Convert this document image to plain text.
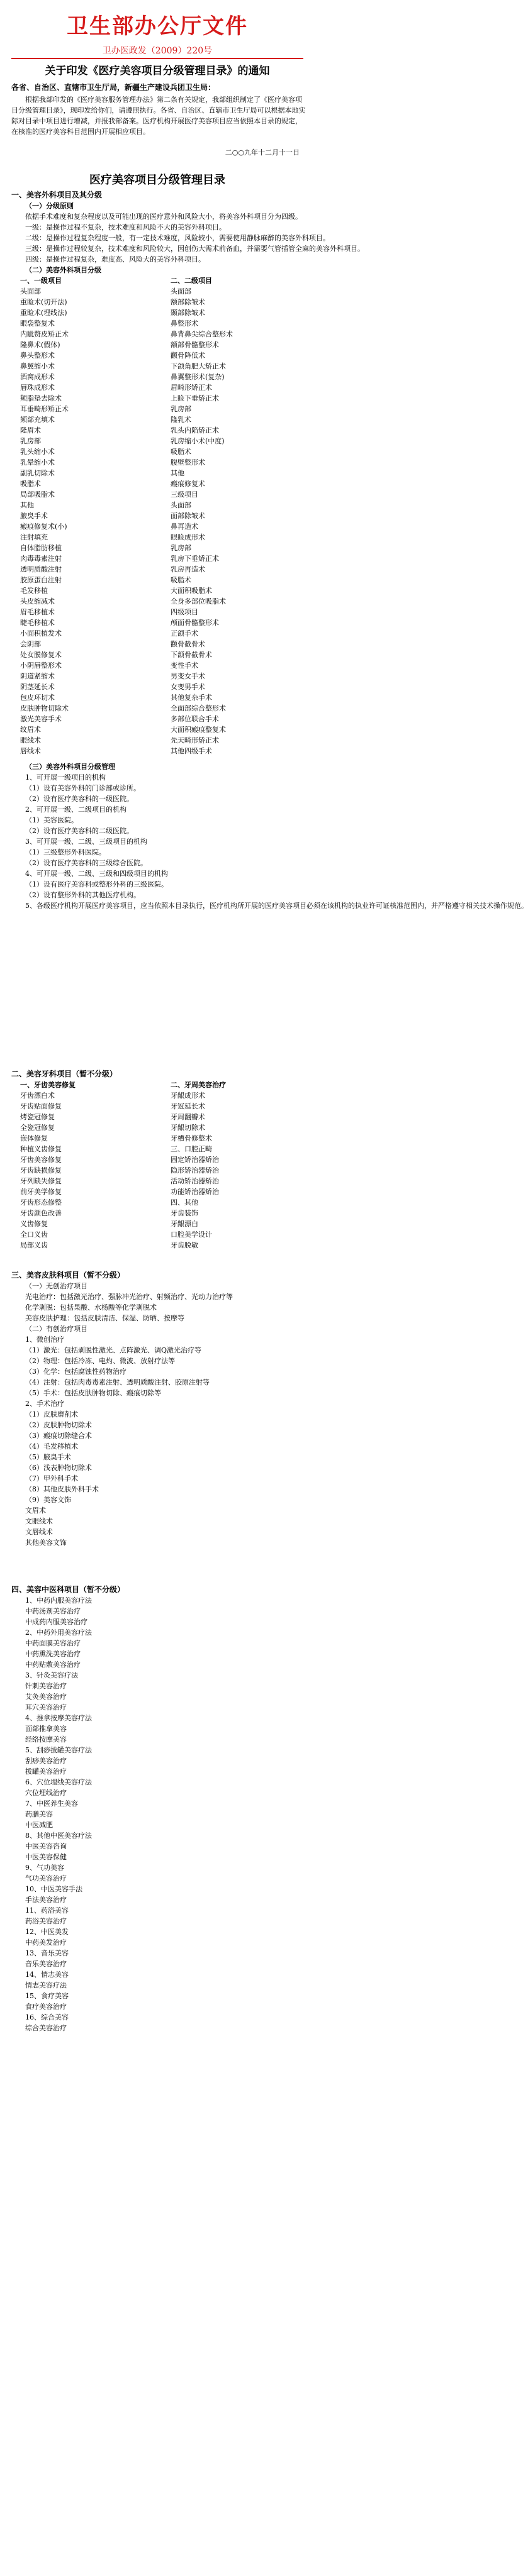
卫生部办公厅文件
卫办医政发（2009）220号
关于印发《医疗美容项目分级管理目录》的通知
各省、自治区、直辖市卫生厅局，新疆生产建设兵团卫生局：
根据我部印发的《医疗美容服务管理办法》第二条有关规定，我部组织制定了《医疗美容项目分级管理目录》，现印发给你们，请遵照执行。各省、自治区、直辖市卫生厅局可以根据本地实际对目录中项目进行增减，并报我部备案。医疗机构开展医疗美容项目应当依照本目录的规定，在核准的医疗美容科目范围内开展相应项目。
二○○九年十二月十一日
医疗美容项目分级管理目录

一、美容外科项目及其分级

（一）分级原则

依据手术难度和复杂程度以及可能出现的医疗意外和风险大小，将美容外科项目分为四级。

一级：是操作过程不复杂，技术难度和风险不大的美容外科项目。

二级：是操作过程复杂程度一般，有一定技术难度，风险较小，需要使用静脉麻醉的美容外科项目。

三级：是操作过程较复杂，技术难度和风险较大，因创伤大需术前备血，并需要气管插管全麻的美容外科项目。

四级：是操作过程复杂，难度高、风险大的美容外科项目。

（二）美容外科项目分级

一、一级项目	二、二级项目
头面部	头面部
重睑术(切开法)	额部除皱术
重睑术(埋线法)	颞部除皱术
眼袋整复术	鼻整形术
内眦赘皮矫正术	鼻背鼻尖综合整形术
隆鼻术(假体)	额部骨骼整形术
鼻头整形术	颧骨降低术
鼻翼缩小术	下颌角肥大矫正术
酒窝成形术	鼻翼整形术(复杂)
唇珠成形术	眉畸形矫正术
颊脂垫去除术	上睑下垂矫正术
耳垂畸形矫正术	乳房部
颏部充填术	隆乳术
隆眉术	乳头内陷矫正术
乳房部	乳房缩小术(中度)
乳头缩小术	吸脂术
乳晕缩小术	腹壁整形术
副乳切除术	其他
吸脂术	瘢痕修复术
局部吸脂术	三级项目
其他	头面部
腋臭手术	面部除皱术
瘢痕修复术(小)	鼻再造术
注射填充	眼睑成形术
自体脂肪移植	乳房部
肉毒毒素注射	乳房下垂矫正术
透明质酸注射	乳房再造术
胶原蛋白注射	吸脂术
毛发移植	大面积吸脂术
头皮缩减术	全身多部位吸脂术
眉毛移植术	四级项目
睫毛移植术	颅面骨骼整形术
小面积植发术	正颌手术
会阴部	颧骨截骨术
处女膜修复术	下颌骨截骨术
小阴唇整形术	变性手术
阴道紧缩术	男变女手术
阴茎延长术	女变男手术
包皮环切术	其他复杂手术
皮肤肿物切除术	全面部综合整形术
激光美容手术	多部位联合手术
纹眉术	大面积瘢痕整复术
眼线术	先天畸形矫正术
唇线术	其他四级手术

（三）美容外科项目分级管理

1、可开展一级项目的机构

（1）设有美容外科的门诊部或诊所。

（2）设有医疗美容科的一级医院。

2、可开展一级、二级项目的机构

（1）美容医院。

（2）设有医疗美容科的二级医院。

3、可开展一级、二级、三级项目的机构

（1）三级整形外科医院。

（2）设有医疗美容科的三级综合医院。

4、可开展一级、二级、三级和四级项目的机构

（1）设有医疗美容科或整形外科的三级医院。

（2）设有整形外科的其他医疗机构。

5、各级医疗机构开展医疗美容项目，应当依照本目录执行，医疗机构所开展的医疗美容项目必须在该机构的执业许可证核准范围内，并严格遵守相关技术操作规范。

二、美容牙科项目（暂不分级）

一、牙齿美容修复	二、牙周美容治疗
牙齿漂白术	牙龈成形术
牙齿贴面修复	牙冠延长术
烤瓷冠修复	牙周翻瓣术
全瓷冠修复	牙龈切除术
嵌体修复	牙槽骨修整术
种植义齿修复	三、口腔正畸
牙齿美容修复	固定矫治器矫治
牙齿缺损修复	隐形矫治器矫治
牙列缺失修复	活动矫治器矫治
前牙美学修复	功能矫治器矫治
牙齿形态修整	四、其他
牙齿颜色改善	牙齿装饰
义齿修复	牙龈漂白
全口义齿	口腔美学设计
局部义齿	牙齿脱敏

三、美容皮肤科项目（暂不分级）

（一）无创治疗项目

光电治疗：包括激光治疗、强脉冲光治疗、射频治疗、光动力治疗等

化学剥脱：包括果酸、水杨酸等化学剥脱术

美容皮肤护理：包括皮肤清洁、保湿、防晒、按摩等

（二）有创治疗项目

1、微创治疗

（1）激光：包括剥脱性激光、点阵激光、调Q激光治疗等

（2）物理：包括冷冻、电灼、微波、放射疗法等

（3）化学：包括腐蚀性药物治疗

（4）注射：包括肉毒毒素注射、透明质酸注射、胶原注射等

（5）手术：包括皮肤肿物切除、瘢痕切除等

2、手术治疗

（1）皮肤磨削术

（2）皮肤肿物切除术

（3）瘢痕切除缝合术

（4）毛发移植术

（5）腋臭手术

（6）浅表肿物切除术

（7）甲外科手术

（8）其他皮肤外科手术

（9）美容文饰

文眉术

文眼线术

文唇线术

其他美容文饰

四、美容中医科项目（暂不分级）

1、中药内服美容疗法

中药汤剂美容治疗

中成药内服美容治疗

2、中药外用美容疗法

中药面膜美容治疗

中药熏洗美容治疗

中药贴敷美容治疗

3、针灸美容疗法

针刺美容治疗

艾灸美容治疗

耳穴美容治疗

4、推拿按摩美容疗法

面部推拿美容

经络按摩美容

5、刮痧拔罐美容疗法

刮痧美容治疗

拔罐美容治疗

6、穴位埋线美容疗法

穴位埋线治疗

7、中医养生美容

药膳美容

中医减肥

8、其他中医美容疗法

中医美容咨询

中医美容保健

9、气功美容

气功美容治疗

10、中医美容手法

手法美容治疗

11、药浴美容

药浴美容治疗

12、中医美发

中药美发治疗

13、音乐美容

音乐美容治疗

14、情志美容

情志美容疗法

15、食疗美容

食疗美容治疗

16、综合美容

综合美容治疗
